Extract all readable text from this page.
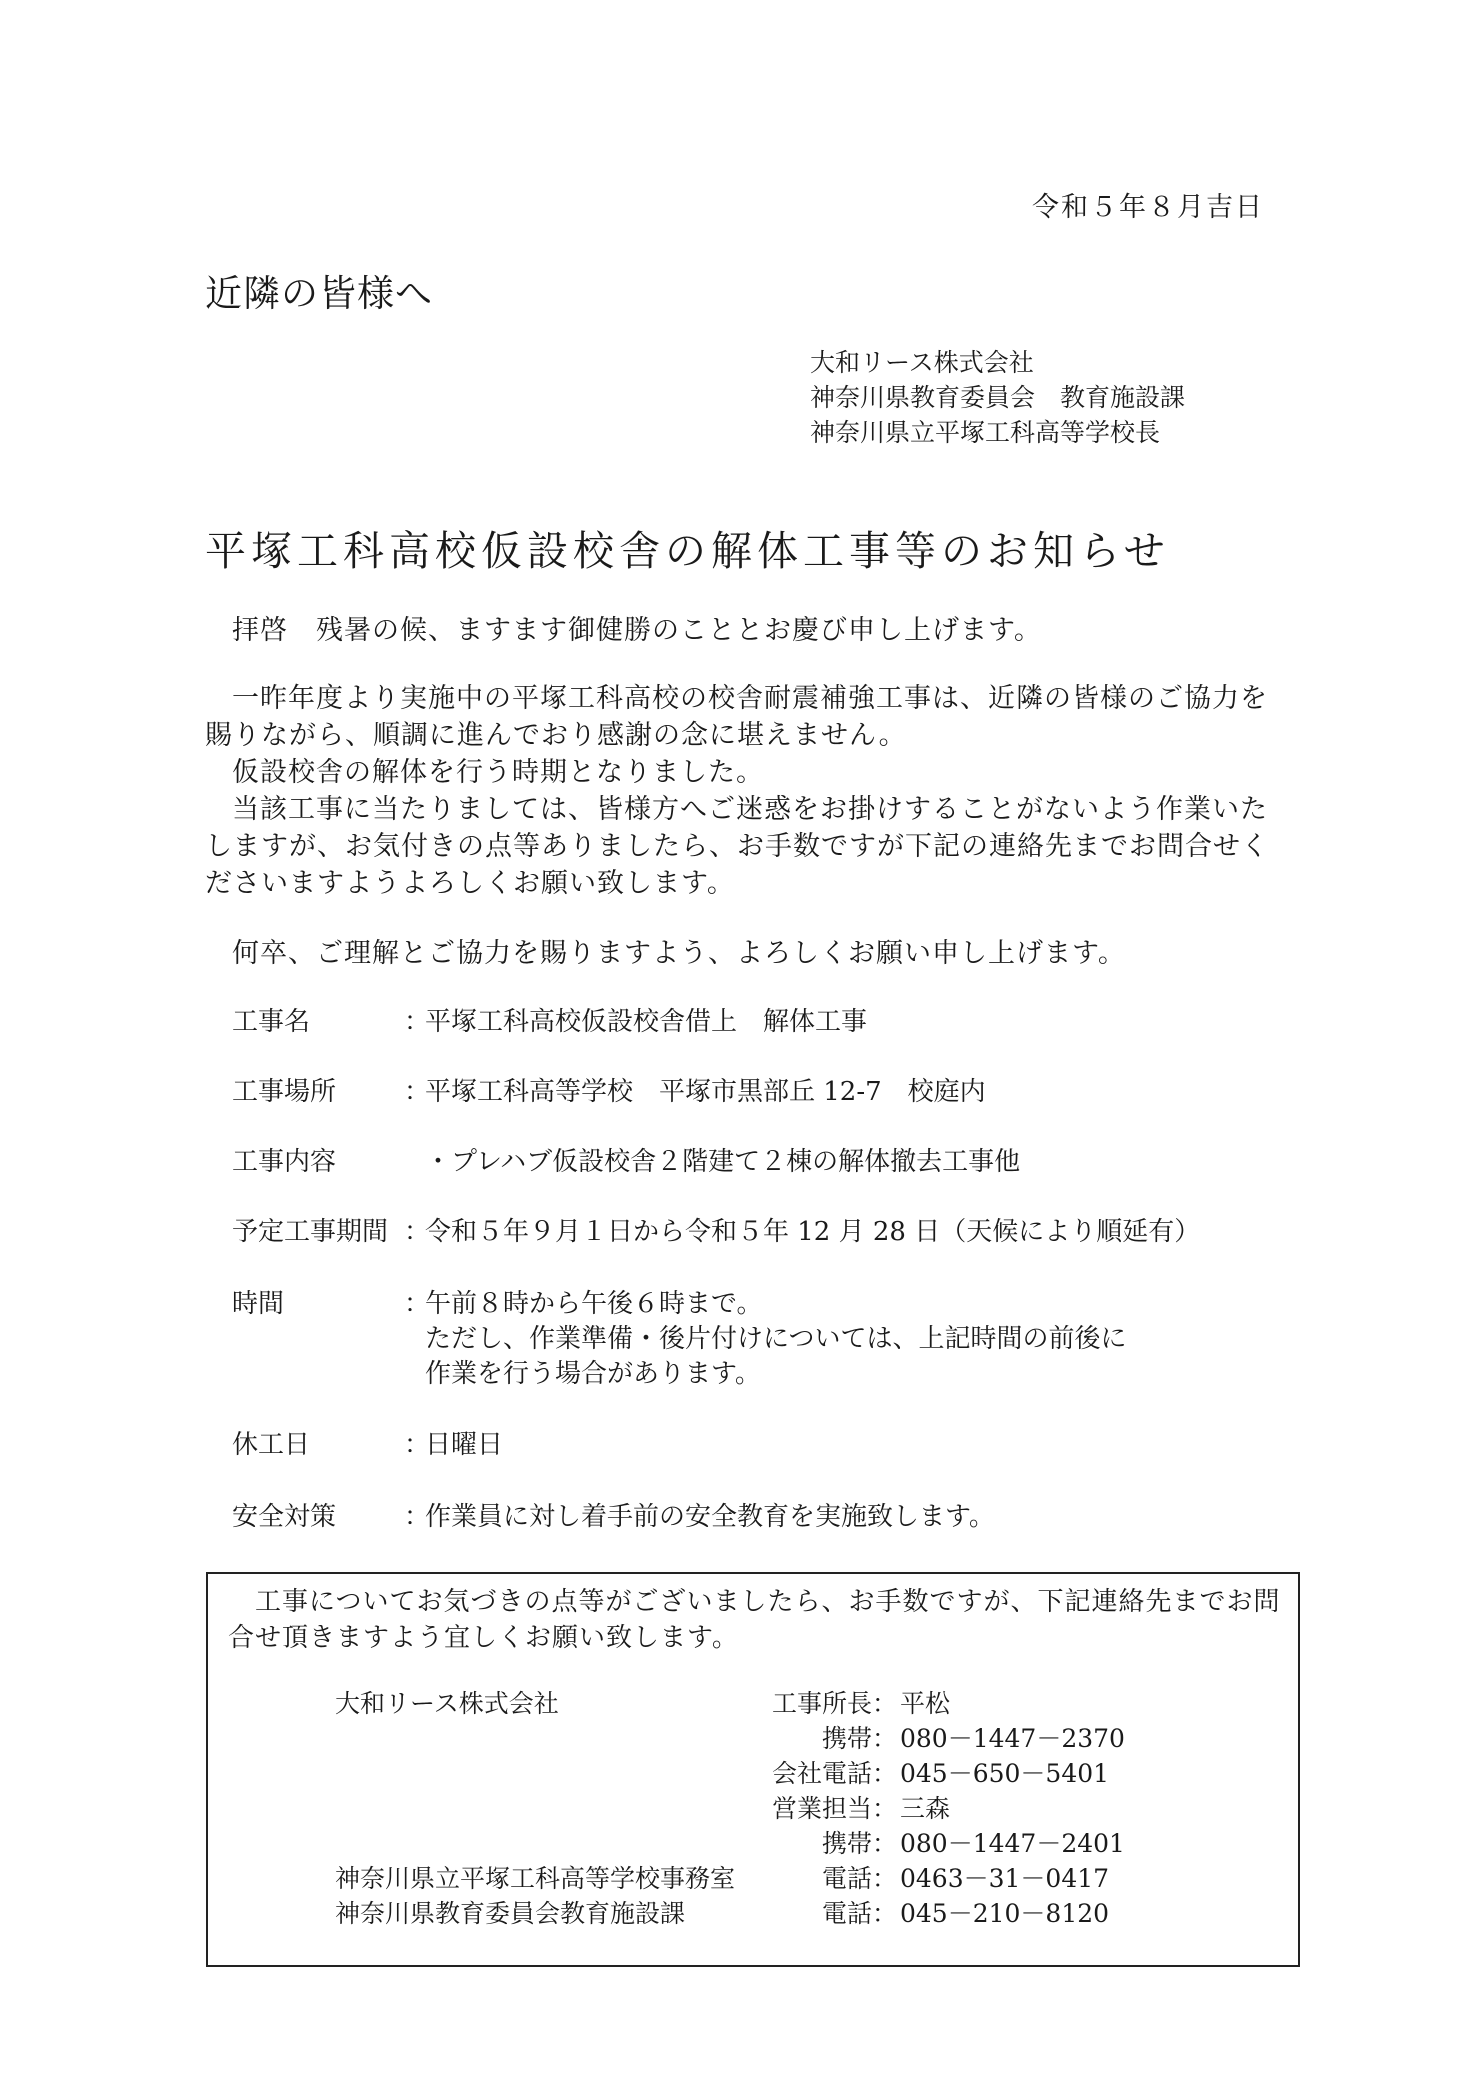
令和５年８月吉日
近隣の皆様へ
大和リース株式会社
神奈川県教育委員会　教育施設課
神奈川県立平塚工科高等学校長
平塚工科高校仮設校舎の解体工事等のお知らせ
拝啓　残暑の候、ますます御健勝のこととお慶び申し上げます。
一昨年度より実施中の平塚工科高校の校舎耐震補強工事は、近隣の皆様のご協力を賜りながら、順調に進んでおり感謝の念に堪えません。
仮設校舎の解体を行う時期となりました。
当該工事に当たりましては、皆様方へご迷惑をお掛けすることがないよう作業いたしますが、お気付きの点等ありましたら、お手数ですが下記の連絡先までお問合せくださいますようよろしくお願い致します。
何卒、ご理解とご協力を賜りますよう、よろしくお願い申し上げます。
工事名	：
平塚工科高校仮設校舎借上　解体工事
工事場所	：
平塚工科高等学校　平塚市黒部丘 12-7　校庭内
工事内容	・プレハブ仮設校舎２階建て２棟の解体撤去工事他
予定工事期間 ：
令和５年９月１日から令和５年 12 月 28 日（天候により順延有）
時間	：
午前８時から午後６時まで。
ただし、作業準備・後片付けについては、上記時間の前後に
作業を行う場合があります。
休工日	：
日曜日
安全対策	：
作業員に対し着手前の安全教育を実施致します。
工事についてお気づきの点等がございましたら、お手数ですが、下記連絡先までお問合せ頂きますよう宜しくお願い致します。
大和リース株式会社	工事所長 ： 平松
携帯 ： 080－1447－2370
会社電話 ： 045－650－5401
営業担当 ： 三森
携帯 ： 080－1447－2401
神奈川県立平塚工科高等学校事務室	電話 ： 0463－31－0417
神奈川県教育委員会教育施設課	電話 ： 045－210－8120
